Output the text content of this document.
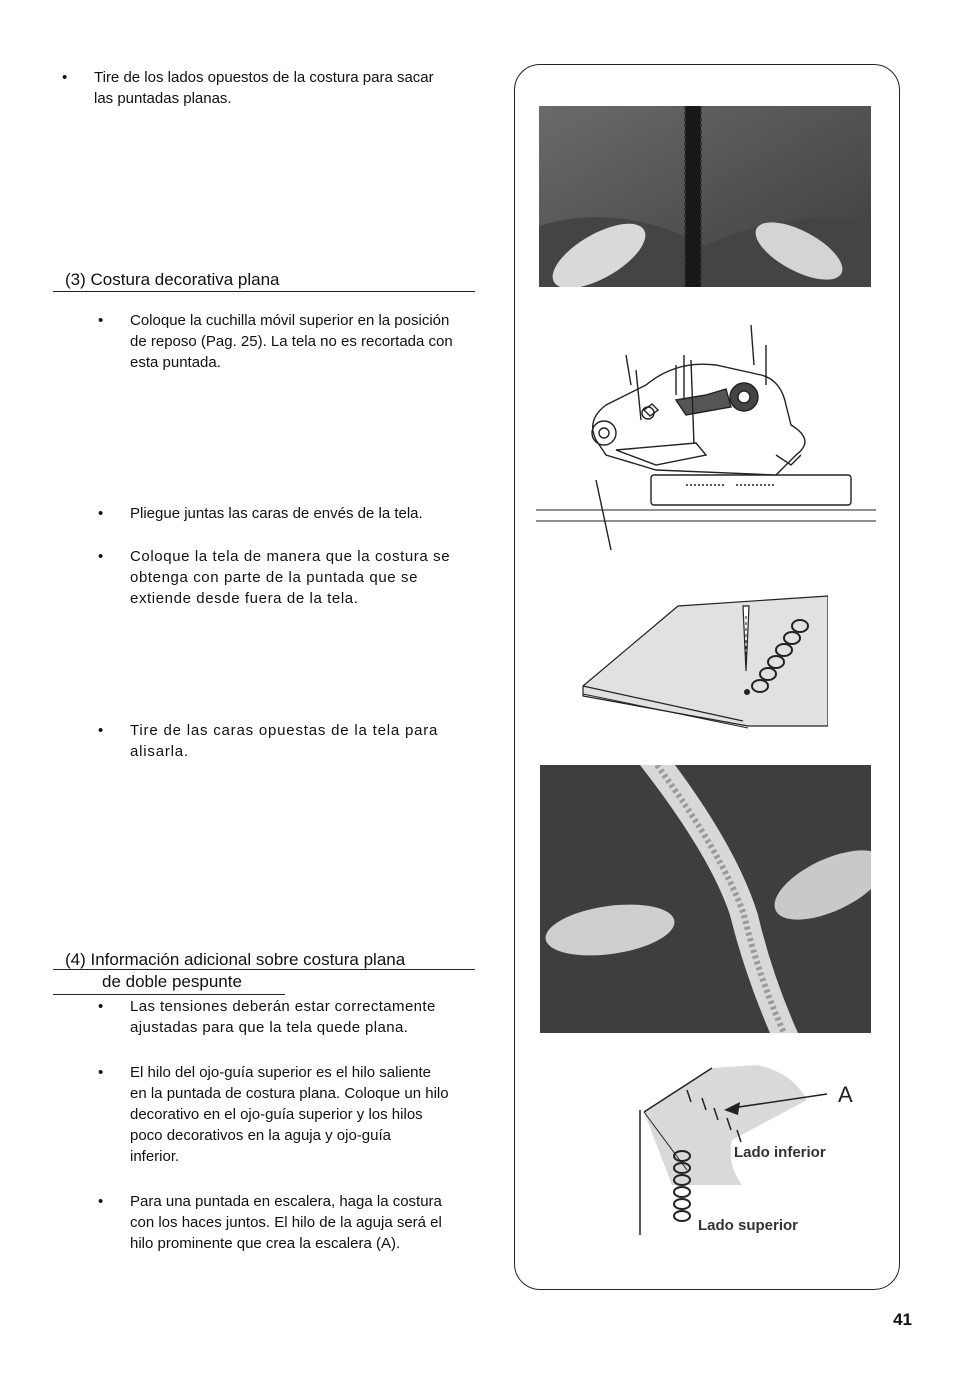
• Tire de los lados opuestos de la costura para sacar
las puntadas planas.
(3) Costura decorativa plana
• Coloque la cuchilla móvil superior en la posición
de reposo (Pag. 25). La tela no es recortada con
esta puntada.
• Pliegue juntas las caras de envés de la tela.
• Coloque la tela de manera que la costura se
obtenga con parte de la puntada que se
extiende desde fuera de la tela.
• Tire de las caras opuestas de la tela para
alisarla.
(4) Información adicional sobre costura plana
de doble pespunte
• Las tensiones deberán estar correctamente
ajustadas para que la tela quede plana.
• El hilo del ojo-guía superior es el hilo saliente
en la puntada de costura plana. Coloque un hilo
decorativo en el ojo-guía superior y los hilos
poco decorativos en la aguja y ojo-guía
inferior.
• Para una puntada en escalera, haga la costura
con los haces juntos. El hilo de la aguja será el
hilo prominente que crea la escalera (A).
A
Lado inferior
Lado superior
41
